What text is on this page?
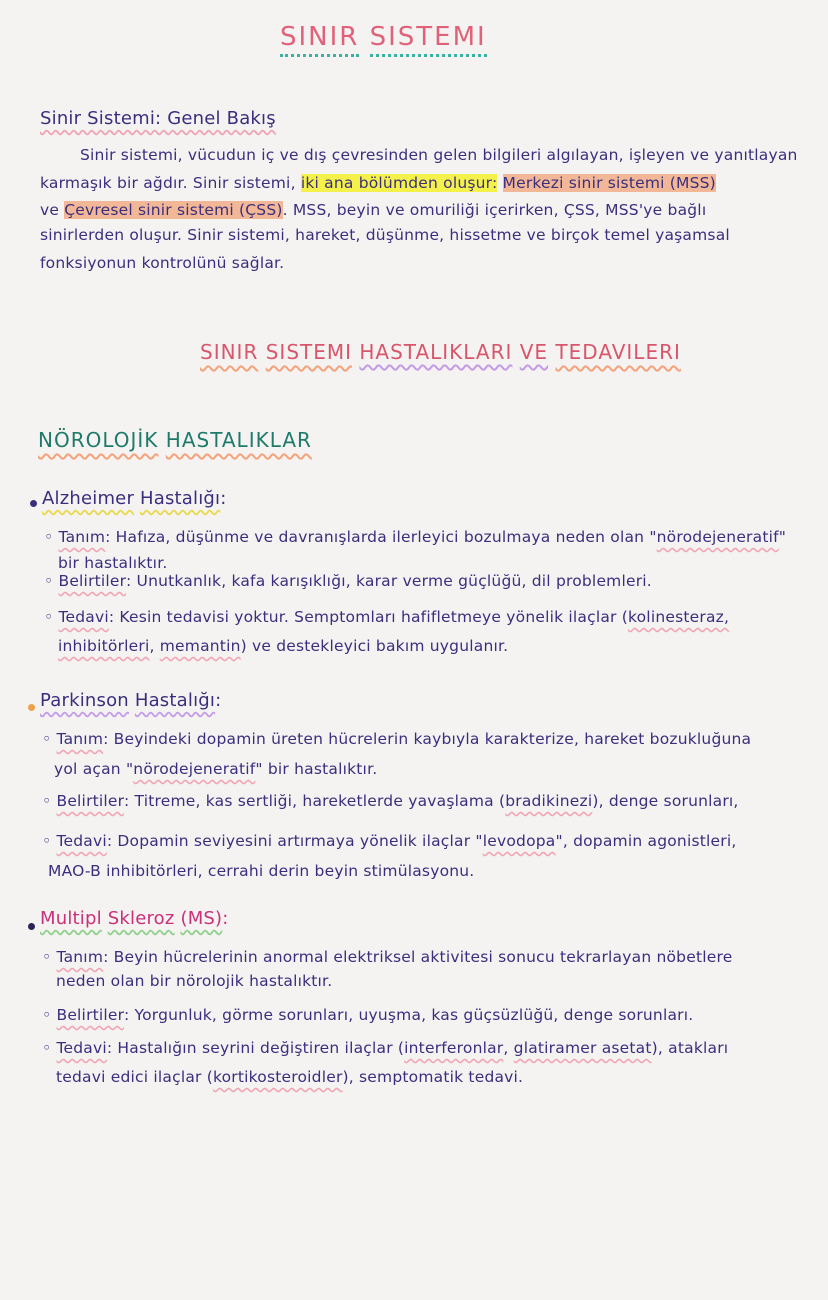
SINIR SISTEMI
Sinir Sistemi: Genel Bakış
Sinir sistemi, vücudun iç ve dış çevresinden gelen bilgileri algılayan, işleyen ve yanıtlayan
karmaşık bir ağdır. Sinir sistemi, iki ana bölümden oluşur: Merkezi sinir sistemi (MSS)
ve Çevresel sinir sistemi (ÇSS). MSS, beyin ve omuriliği içerirken, ÇSS, MSS'ye bağlı
sinirlerden oluşur. Sinir sistemi, hareket, düşünme, hissetme ve birçok temel yaşamsal
fonksiyonun kontrolünü sağlar.
SINIR SISTEMI HASTALIKLARI VE TEDAVILERI
NÖROLOJİK HASTALIKLAR
Alzheimer Hastalığı:
◦ Tanım: Hafıza, düşünme ve davranışlarda ilerleyici bozulmaya neden olan "nörodejeneratif"
bir hastalıktır.
◦ Belirtiler: Unutkanlık, kafa karışıklığı, karar verme güçlüğü, dil problemleri.
◦ Tedavi: Kesin tedavisi yoktur. Semptomları hafifletmeye yönelik ilaçlar (kolinesteraz,
inhibitörleri, memantin) ve destekleyici bakım uygulanır.
Parkinson Hastalığı:
◦ Tanım: Beyindeki dopamin üreten hücrelerin kaybıyla karakterize, hareket bozukluğuna
yol açan "nörodejeneratif" bir hastalıktır.
◦ Belirtiler: Titreme, kas sertliği, hareketlerde yavaşlama (bradikinezi), denge sorunları,
◦ Tedavi: Dopamin seviyesini artırmaya yönelik ilaçlar "levodopa", dopamin agonistleri,
MAO-B inhibitörleri, cerrahi derin beyin stimülasyonu.
Multipl Skleroz (MS):
◦ Tanım: Beyin hücrelerinin anormal elektriksel aktivitesi sonucu tekrarlayan nöbetlere
neden olan bir nörolojik hastalıktır.
◦ Belirtiler: Yorgunluk, görme sorunları, uyuşma, kas güçsüzlüğü, denge sorunları.
◦ Tedavi: Hastalığın seyrini değiştiren ilaçlar (interferonlar, glatiramer asetat), atakları
tedavi edici ilaçlar (kortikosteroidler), semptomatik tedavi.
